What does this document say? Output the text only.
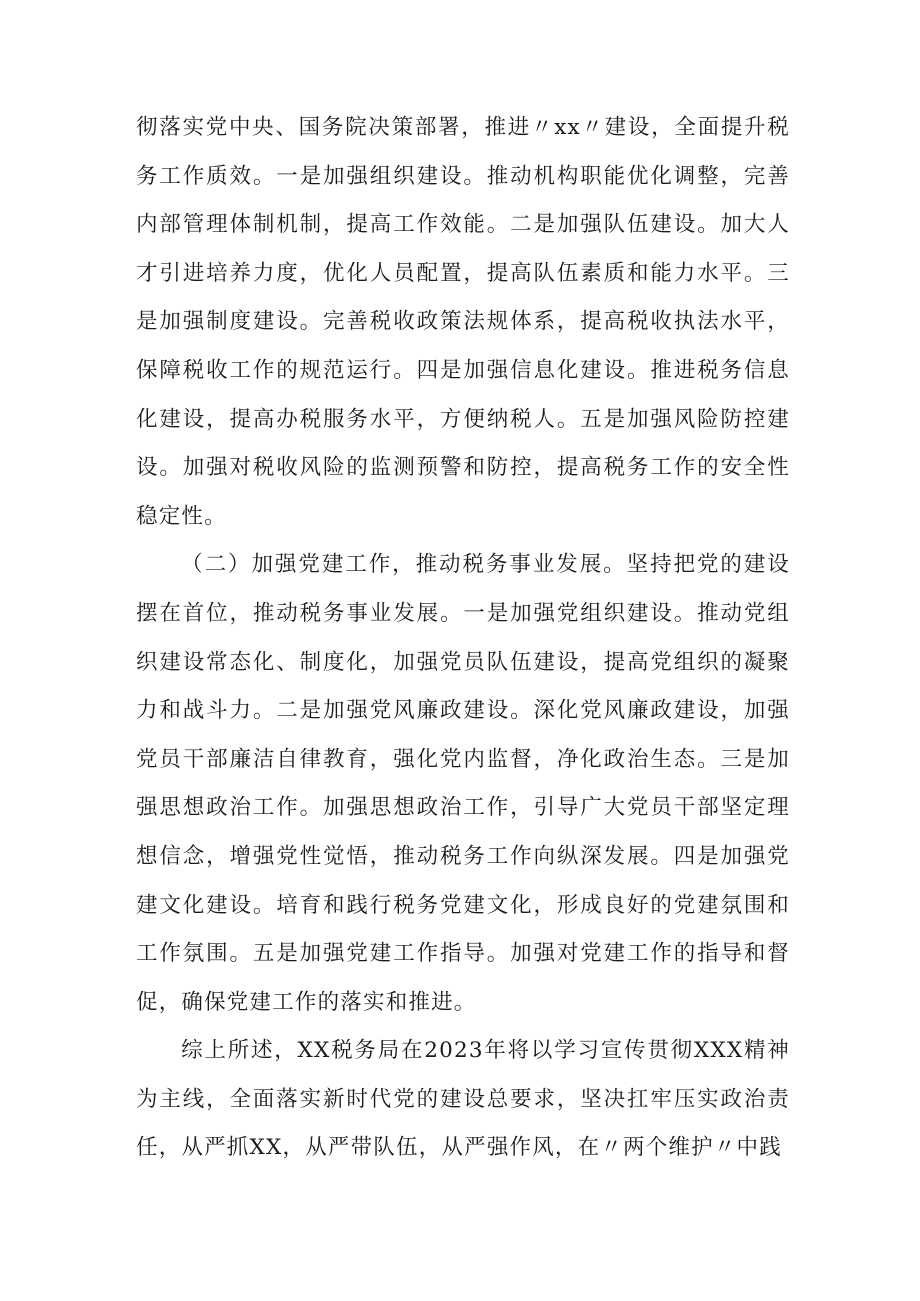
彻落实党中央、国务院决策部署，推进〃xx〃建设，全面提升税务工作质效。一是加强组织建设。推动机构职能优化调整，完善内部管理体制机制，提高工作效能。二是加强队伍建设。加大人才引进培养力度，优化人员配置，提高队伍素质和能力水平。三是加强制度建设。完善税收政策法规体系，提高税收执法水平，保障税收工作的规范运行。四是加强信息化建设。推进税务信息化建设，提高办税服务水平，方便纳税人。五是加强风险防控建设。加强对税收风险的监测预警和防控，提高税务工作的安全性稳定性。

（二）加强党建工作，推动税务事业发展。坚持把党的建设摆在首位，推动税务事业发展。一是加强党组织建设。推动党组织建设常态化、制度化，加强党员队伍建设，提高党组织的凝聚力和战斗力。二是加强党风廉政建设。深化党风廉政建设，加强党员干部廉洁自律教育，强化党内监督，净化政治生态。三是加强思想政治工作。加强思想政治工作，引导广大党员干部坚定理想信念，增强党性觉悟，推动税务工作向纵深发展。四是加强党建文化建设。培育和践行税务党建文化，形成良好的党建氛围和工作氛围。五是加强党建工作指导。加强对党建工作的指导和督促，确保党建工作的落实和推进。

综上所述，XX税务局在2023年将以学习宣传贯彻XXX精神为主线，全面落实新时代党的建设总要求，坚决扛牢压实政治责任，从严抓XX，从严带队伍，从严强作风，在〃两个维护〃中践
